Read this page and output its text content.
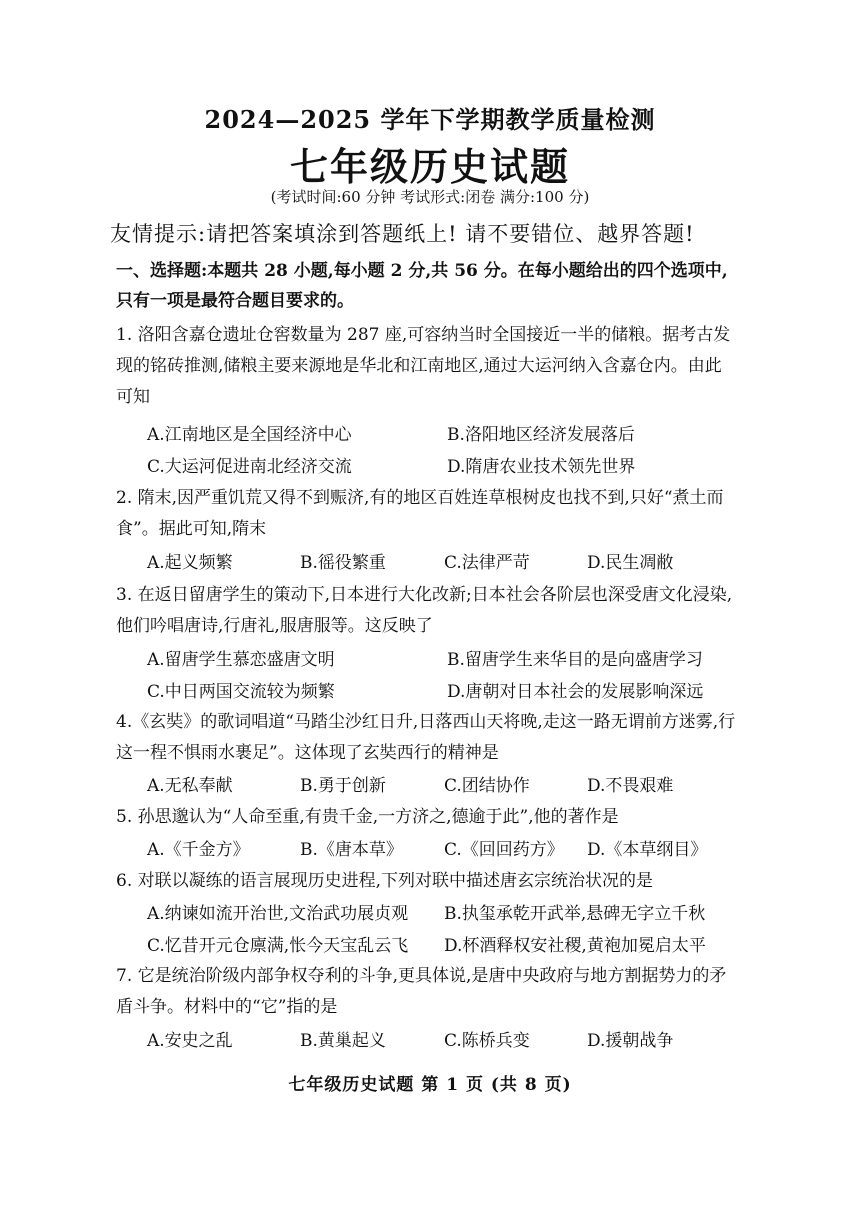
2024—2025 学年下学期教学质量检测
七年级历史试题
(考试时间:60 分钟 考试形式:闭卷 满分:100 分)
友情提示:请把答案填涂到答题纸上! 请不要错位、越界答题!
一、选择题:本题共 28 小题,每小题 2 分,共 56 分。在每小题给出的四个选项中,只有一项是最符合题目要求的。
1. 洛阳含嘉仓遗址仓窖数量为 287 座,可容纳当时全国接近一半的储粮。据考古发现的铭砖推测,储粮主要来源地是华北和江南地区,通过大运河纳入含嘉仓内。由此可知
A.江南地区是全国经济中心	B.洛阳地区经济发展落后
C.大运河促进南北经济交流	D.隋唐农业技术领先世界
2. 隋末,因严重饥荒又得不到赈济,有的地区百姓连草根树皮也找不到,只好“煮土而食”。据此可知,隋末
A.起义频繁	B.徭役繁重	C.法律严苛	D.民生凋敝
3. 在返日留唐学生的策动下,日本进行大化改新;日本社会各阶层也深受唐文化浸染,他们吟唱唐诗,行唐礼,服唐服等。这反映了
A.留唐学生慕恋盛唐文明	B.留唐学生来华目的是向盛唐学习
C.中日两国交流较为频繁	D.唐朝对日本社会的发展影响深远
4.《玄奘》的歌词唱道“马踏尘沙红日升,日落西山天将晚,走这一路无谓前方迷雾,行这一程不惧雨水裹足”。这体现了玄奘西行的精神是
A.无私奉献	B.勇于创新	C.团结协作	D.不畏艰难
5. 孙思邈认为“人命至重,有贵千金,一方济之,德逾于此”,他的著作是
A.《千金方》	B.《唐本草》 C.《回回药方》 D.《本草纲目》
6. 对联以凝练的语言展现历史进程,下列对联中描述唐玄宗统治状况的是
A.纳谏如流开治世,文治武功展贞观 B.执玺承乾开武举,悬碑无字立千秋
C.忆昔开元仓廪满,怅今天宝乱云飞 D.杯酒释权安社稷,黄袍加冕启太平
7. 它是统治阶级内部争权夺利的斗争,更具体说,是唐中央政府与地方割据势力的矛盾斗争。材料中的“它”指的是
A.安史之乱	B.黄巢起义	C.陈桥兵变	D.援朝战争
七年级历史试题 第 1 页 (共 8 页)
